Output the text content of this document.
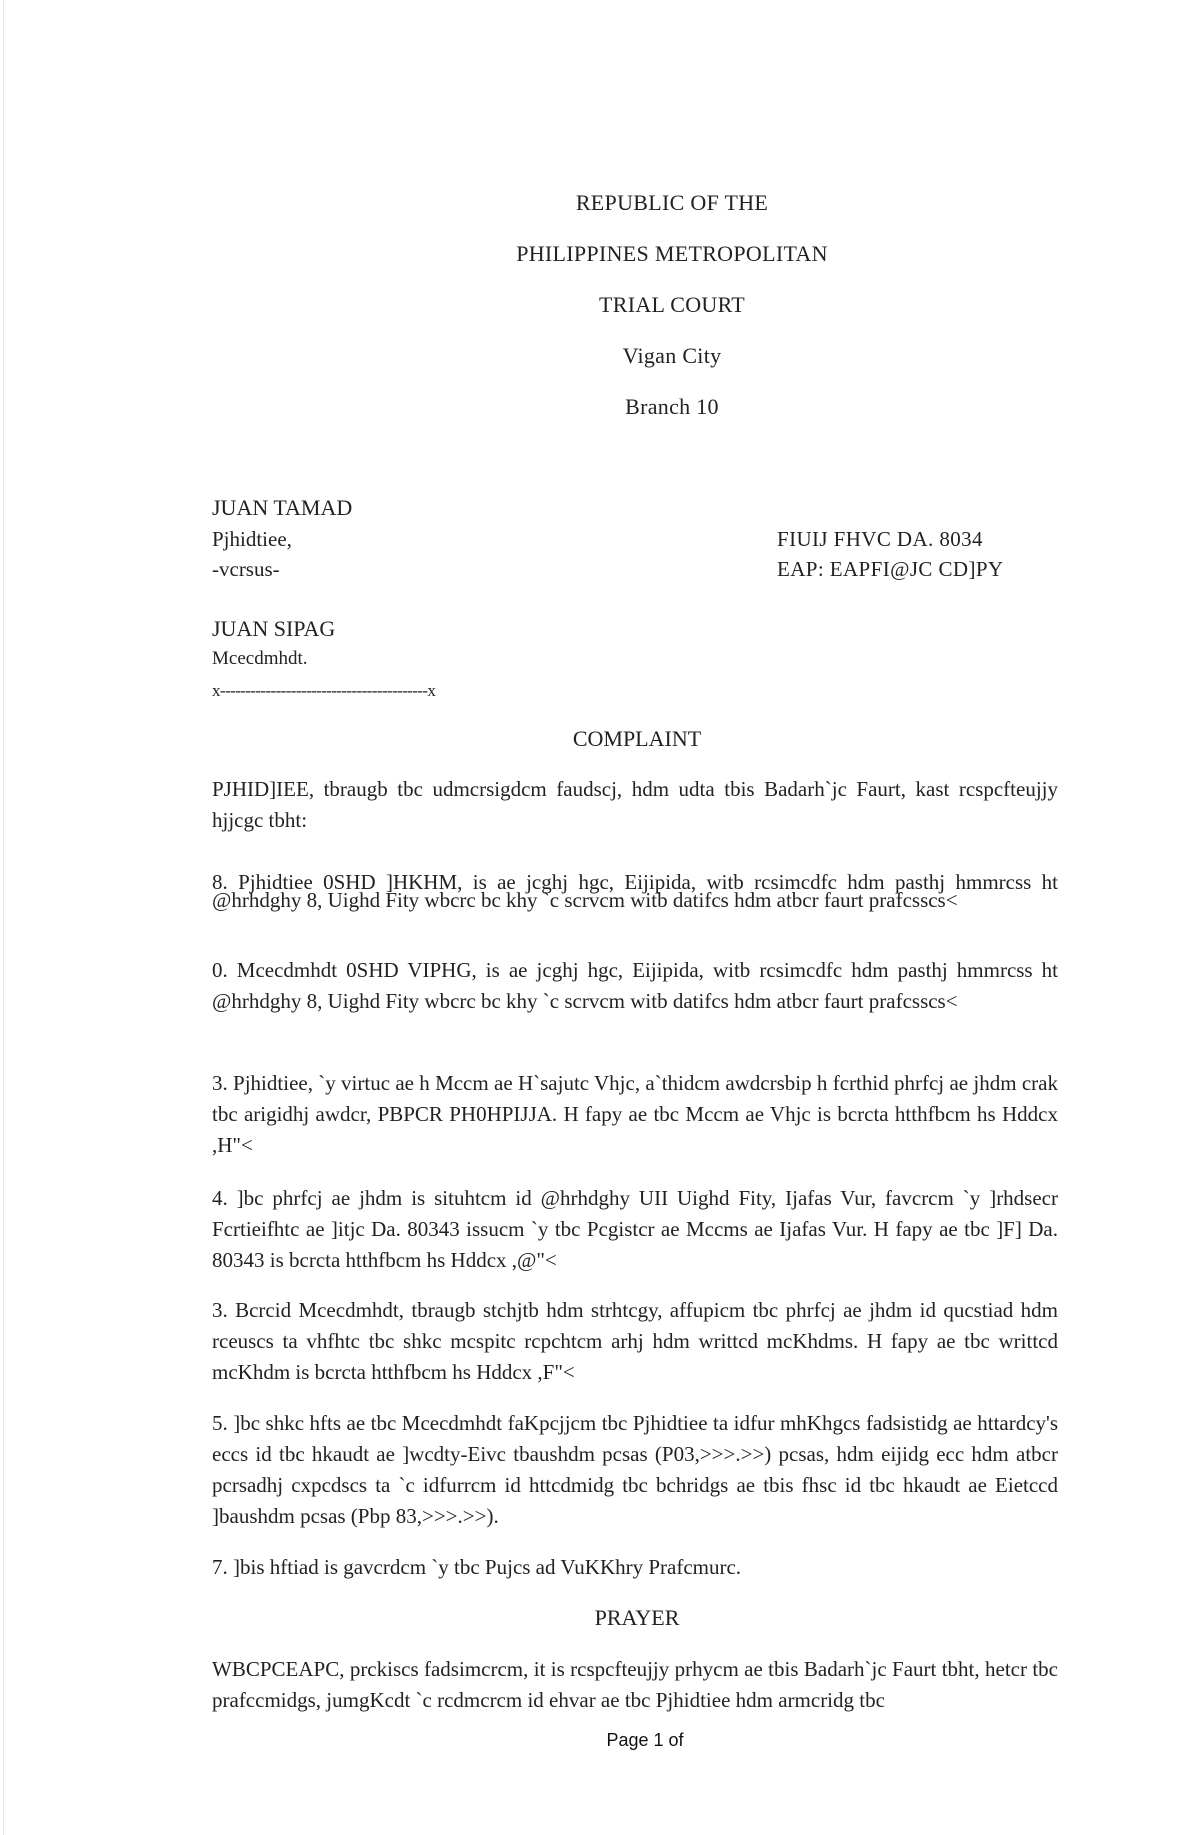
REPUBLIC OF THE
PHILIPPINES METROPOLITAN
TRIAL COURT
Vigan City
Branch 10
JUAN TAMAD
Pjhidtiee,
-vcrsus-
FIUIJ FHVC DA. 8034
EAP: EAPFI@JC CD]PY
JUAN SIPAG
Mcecdmhdt.
x-----------------------------------------x
COMPLAINT
PJHID]IEE, tbraugb tbc udmcrsigdcm faudscj, hdm udta tbis Badarh`jc Faurt, kast rcspcfteujjy hjjcgc tbht:
8. Pjhidtiee 0SHD ]HKHM, is ae jcghj hgc, Eijipida, witb rcsimcdfc hdm pasthj hmmrcss ht @hrhdghy 8, Uighd Fity wbcrc bc khy `c scrvcm witb datifcs hdm atbcr faurt prafcsscs<
0. Mcecdmhdt 0SHD VIPHG, is ae jcghj hgc, Eijipida, witb rcsimcdfc hdm pasthj hmmrcss ht @hrhdghy 8, Uighd Fity wbcrc bc khy `c scrvcm witb datifcs hdm atbcr faurt prafcsscs<
3. Pjhidtiee, `y virtuc ae h Mccm ae H`sajutc Vhjc, a`thidcm awdcrsbip h fcrthid phrfcj ae jhdm crak tbc arigidhj awdcr, PBPCR PH0HPIJJA. H fapy ae tbc Mccm ae Vhjc is bcrcta htthfbcm hs Hddcx ,H"<
4. ]bc phrfcj ae jhdm is situhtcm id @hrhdghy UII Uighd Fity, Ijafas Vur, favcrcm `y ]rhdsecr Fcrtieifhtc ae ]itjc Da. 80343 issucm `y tbc Pcgistcr ae Mccms ae Ijafas Vur. H fapy ae tbc ]F] Da. 80343 is bcrcta htthfbcm hs Hddcx ,@"<
3. Bcrcid Mcecdmhdt, tbraugb stchjtb hdm strhtcgy, affupicm tbc phrfcj ae jhdm id qucstiad hdm rceuscs ta vhfhtc tbc shkc mcspitc rcpchtcm arhj hdm writtcd mcKhdms. H fapy ae tbc writtcd mcKhdm is bcrcta htthfbcm hs Hddcx ,F"<
5. ]bc shkc hfts ae tbc Mcecdmhdt faKpcjjcm tbc Pjhidtiee ta idfur mhKhgcs fadsistidg ae httardcy's eccs id tbc hkaudt ae ]wcdty-Eivc tbaushdm pcsas (P03,>>>.>>) pcsas, hdm eijidg ecc hdm atbcr pcrsadhj cxpcdscs ta `c idfurrcm id httcdmidg tbc bchridgs ae tbis fhsc id tbc hkaudt ae Eietccd ]baushdm pcsas (Pbp 83,>>>.>>).
7. ]bis hftiad is gavcrdcm `y tbc Pujcs ad VuKKhry Prafcmurc.
PRAYER
WBCPCEAPC, prckiscs fadsimcrcm, it is rcspcfteujjy prhycm ae tbis Badarh`jc Faurt tbht, hetcr tbc prafccmidgs, jumgKcdt `c rcdmcrcm id ehvar ae tbc Pjhidtiee hdm armcridg tbc
Page 1 of
